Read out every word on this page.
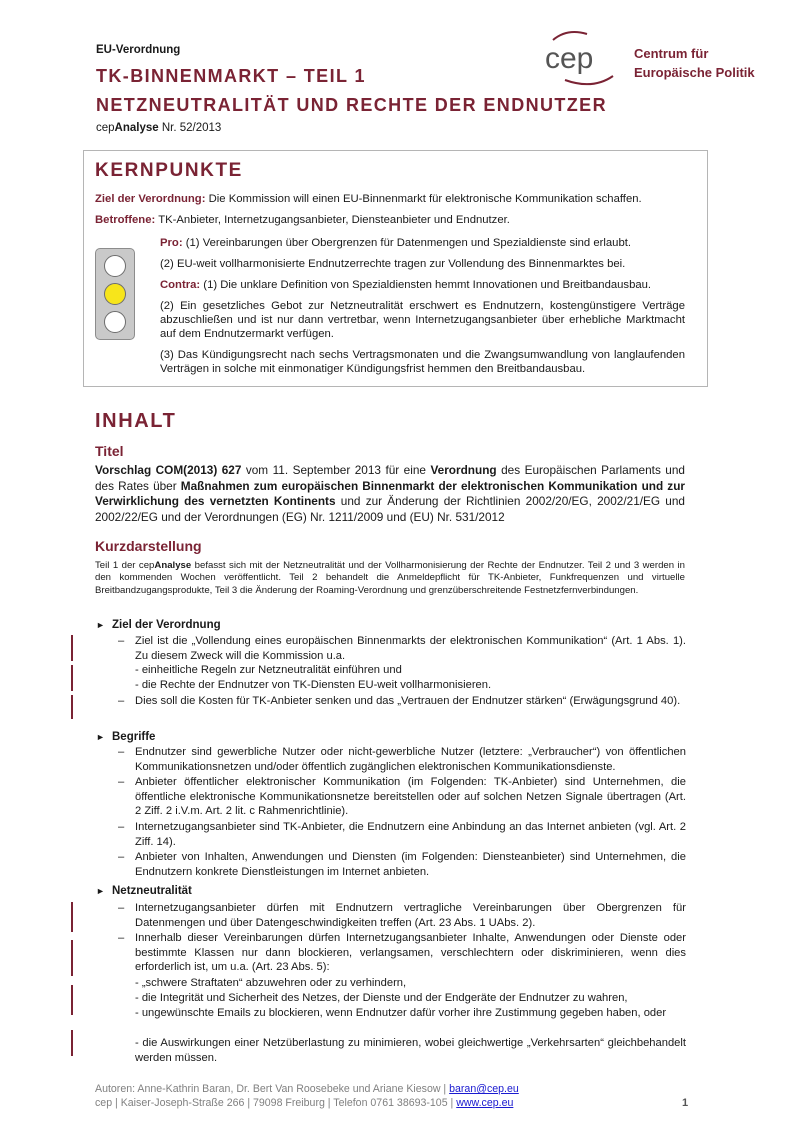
EU-Verordnung
TK-BINNENMARKT – TEIL 1
NETZNEUTRALITÄT UND RECHTE DER ENDNUTZER
cepAnalyse Nr. 52/2013
cep	Centrum für
Europäische Politik
KERNPUNKTE
Ziel der Verordnung: Die Kommission will einen EU-Binnenmarkt für elektronische Kommunikation schaffen.
Betroffene: TK-Anbieter, Internetzugangsanbieter, Diensteanbieter und Endnutzer.
Pro: (1) Vereinbarungen über Obergrenzen für Datenmengen und Spezialdienste sind erlaubt.
(2) EU-weit vollharmonisierte Endnutzerrechte tragen zur Vollendung des Binnenmarktes bei.
Contra: (1) Die unklare Definition von Spezialdiensten hemmt Innovationen und Breitbandausbau.
(2) Ein gesetzliches Gebot zur Netzneutralität erschwert es Endnutzern, kostengünstigere Verträge abzuschließen und ist nur dann vertretbar, wenn Internetzugangsanbieter über erhebliche Marktmacht auf dem Endnutzermarkt verfügen.
(3) Das Kündigungsrecht nach sechs Vertragsmonaten und die Zwangsumwandlung von langlaufenden Verträgen in solche mit einmonatiger Kündigungsfrist hemmen den Breitbandausbau.
INHALT
Titel
Vorschlag COM(2013) 627 vom 11. September 2013 für eine Verordnung des Europäischen Parlaments und des Rates über Maßnahmen zum europäischen Binnenmarkt der elektronischen Kommunikation und zur Verwirklichung des vernetzten Kontinents und zur Änderung der Richtlinien 2002/20/EG, 2002/21/EG und 2002/22/EG und der Verordnungen (EG) Nr. 1211/2009 und (EU) Nr. 531/2012
Kurzdarstellung
Teil 1 der cepAnalyse befasst sich mit der Netzneutralität und der Vollharmonisierung der Rechte der Endnutzer. Teil 2 und 3 werden in den kommenden Wochen veröffentlicht. Teil 2 behandelt die Anmeldepflicht für TK-Anbieter, Funkfrequenzen und virtuelle Breitbandzugangsprodukte, Teil 3 die Änderung der Roaming-Verordnung und grenzüberschreitende Festnetzfernverbindungen.
► Ziel der Verordnung
– Ziel ist die „Vollendung eines europäischen Binnenmarkts der elektronischen Kommunikation“ (Art. 1 Abs. 1). Zu diesem Zweck will die Kommission u.a.
- einheitliche Regeln zur Netzneutralität einführen und
- die Rechte der Endnutzer von TK-Diensten EU-weit vollharmonisieren.
– Dies soll die Kosten für TK-Anbieter senken und das „Vertrauen der Endnutzer stärken“ (Erwägungsgrund 40).
► Begriffe
– Endnutzer sind gewerbliche Nutzer oder nicht-gewerbliche Nutzer (letztere: „Verbraucher“) von öffentlichen Kommunikationsnetzen und/oder öffentlich zugänglichen elektronischen Kommunikationsdienste.
– Anbieter öffentlicher elektronischer Kommunikation (im Folgenden: TK-Anbieter) sind Unternehmen, die öffentliche elektronische Kommunikationsnetze bereitstellen oder auf solchen Netzen Signale übertragen (Art. 2 Ziff. 2 i.V.m. Art. 2 lit. c Rahmenrichtlinie).
– Internetzugangsanbieter sind TK-Anbieter, die Endnutzern eine Anbindung an das Internet anbieten (vgl. Art. 2 Ziff. 14).
– Anbieter von Inhalten, Anwendungen und Diensten (im Folgenden: Diensteanbieter) sind Unternehmen, die Endnutzern konkrete Dienstleistungen im Internet anbieten.
► Netzneutralität
– Internetzugangsanbieter dürfen mit Endnutzern vertragliche Vereinbarungen über Obergrenzen für Datenmengen und über Datengeschwindigkeiten treffen (Art. 23 Abs. 1 UAbs. 2).
– Innerhalb dieser Vereinbarungen dürfen Internetzugangsanbieter Inhalte, Anwendungen oder Dienste oder bestimmte Klassen nur dann blockieren, verlangsamen, verschlechtern oder diskriminieren, wenn dies erforderlich ist, um u.a. (Art. 23 Abs. 5):
- „schwere Straftaten“ abzuwehren oder zu verhindern,
- die Integrität und Sicherheit des Netzes, der Dienste und der Endgeräte der Endnutzer zu wahren,
- ungewünschte Emails zu blockieren, wenn Endnutzer dafür vorher ihre Zustimmung gegeben haben, oder
- die Auswirkungen einer Netzüberlastung zu minimieren, wobei gleichwertige „Verkehrsarten“ gleichbehandelt werden müssen.
Autoren: Anne-Kathrin Baran, Dr. Bert Van Roosebeke und Ariane Kiesow | baran@cep.eu
cep | Kaiser-Joseph-Straße 266 | 79098 Freiburg | Telefon 0761 38693-105 | www.cep.eu	1
